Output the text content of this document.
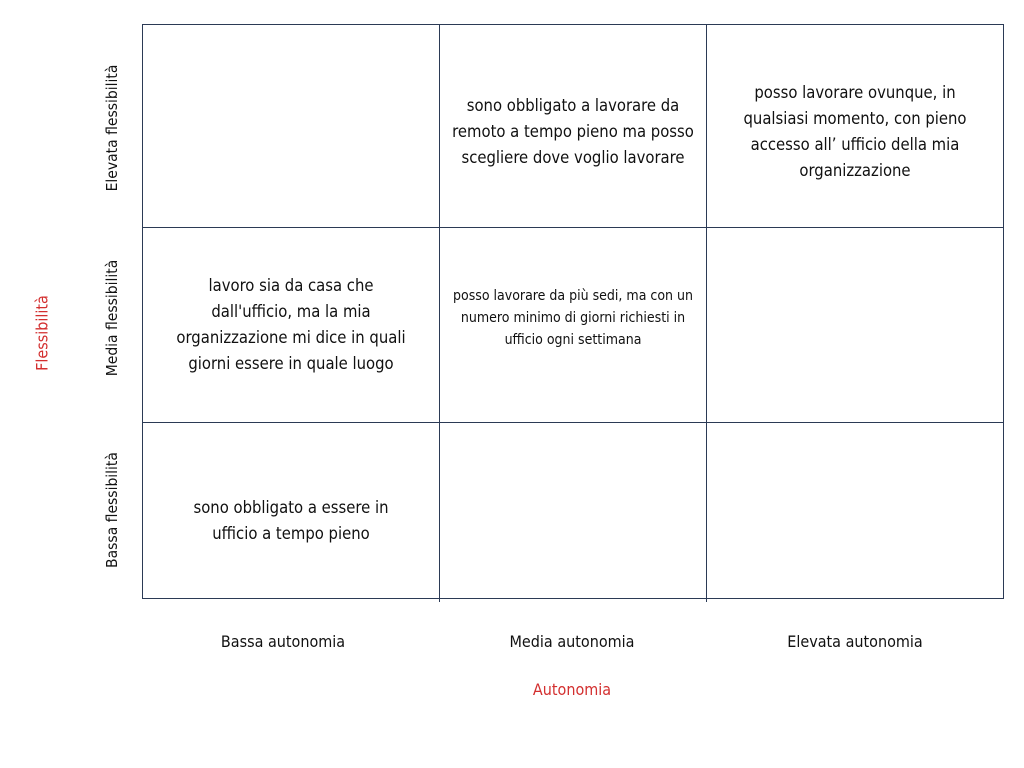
Flessibilità
Elevata flessibilità
Media flessibilità
Bassa flessibilità
sono obbligato a lavorare da remoto a tempo pieno ma posso scegliere dove voglio lavorare
posso lavorare ovunque, in qualsiasi momento, con pieno accesso all’ ufficio della mia organizzazione
lavoro sia da casa che dall'ufficio, ma la mia organizzazione mi dice in quali giorni essere in quale luogo
posso lavorare da più sedi, ma con un numero minimo di giorni richiesti in ufficio ogni settimana
sono obbligato a essere in ufficio a tempo pieno
Bassa autonomia	Media autonomia	Elevata autonomia
Autonomia
